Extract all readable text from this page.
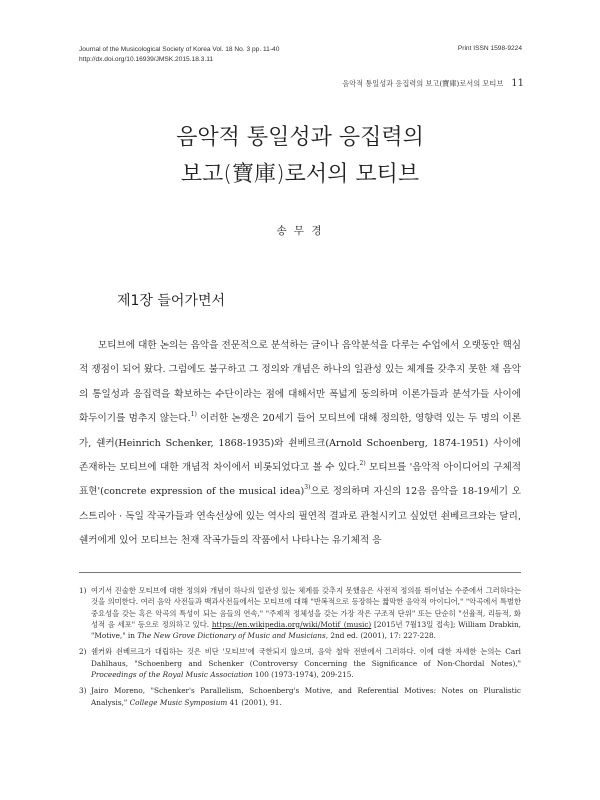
Journal of the Musicological Society of Korea Vol. 18 No. 3 pp. 11-40
http://dx.doi.org/10.16939/JMSK.2015.18.3.11
Print ISSN 1598-9224
음악적 통일성과 응집력의 보고(寶庫)로서의 모티브 11
음악적 통일성과 응집력의
보고(寶庫)로서의 모티브
송 무 경
제1장 들어가면서

모티브에 대한 논의는 음악을 전문적으로 분석하는 글이나 음악분석을 다루는 수업에서 오랫동안 핵심적 쟁점이 되어 왔다. 그럼에도 불구하고 그 정의와 개념은 하나의 일관성 있는 체계를 갖추지 못한 채 음악의 통일성과 응집력을 확보하는 수단이라는 점에 대해서만 폭넓게 동의하며 이론가들과 분석가들 사이에 화두이기를 멈추지 않는다.$^{1)}$ 이러한 논쟁은 20세기 들어 모티브에 대해 정의한, 영향력 있는 두 명의 이론가, 쉔커(Heinrich Schenker, 1868-1935)와 쇤베르크(Arnold Schoenberg, 1874-1951) 사이에 존재하는 모티브에 대한 개념적 차이에서 비롯되었다고 볼 수 있다.$^{2)}$ 모티브를 '음악적 아이디어의 구체적 표현'(concrete expression of the musical idea)$^{3)}$으로 정의하며 자신의 12음 음악을 18-19세기 오스트리아 · 독일 작곡가들과 연속선상에 있는 역사의 필연적 결과로 관철시키고 싶었던 쇤베르크와는 달리, 쉔커에게 있어 모티브는 천재 작곡가들의 작품에서 나타나는 유기체적 응

1) 여기서 진술한 모티브에 대한 정의와 개념이 하나의 일관성 있는 체계를 갖추지 못했음은 사전적 정의를 뛰어넘는 수준에서 그러하다는 것을 의미한다. 여러 음악 사전들과 백과사전들에서는 모티브에 대해 "반복적으로 등장하는 짧막한 음악적 아이디어," "악곡에서 특별한 중요성을 갖는 혹은 악곡의 특성이 되는 음들의 연속," "주제적 정체성을 갖는 가장 작은 구조적 단위" 또는 단순히 "선율적, 리듬적, 화성적 음 세포" 등으로 정의하고 있다. https://en.wikipedia.org/wiki/Motif_(music) [2015년 7월13일 접속]; William Drabkin, "Motive," in The New Grove Dictionary of Music and Musicians, 2nd ed. (2001), 17: 227-228.
2) 쉔커와 쇤베르크가 대립하는 것은 비단 '모티브'에 국한되지 않으며, 음악 철학 전반에서 그러하다. 이에 대한 자세한 논의는 Carl Dahlhaus, "Schoenberg and Schenker (Controversy Concerning the Significance of Non-Chordal Notes)," Proceedings of the Royal Music Association 100 (1973-1974), 209-215.
3) Jairo Moreno, "Schenker's Parallelism, Schoenberg's Motive, and Referential Motives: Notes on Pluralistic Analysis," College Music Symposium 41 (2001), 91.
